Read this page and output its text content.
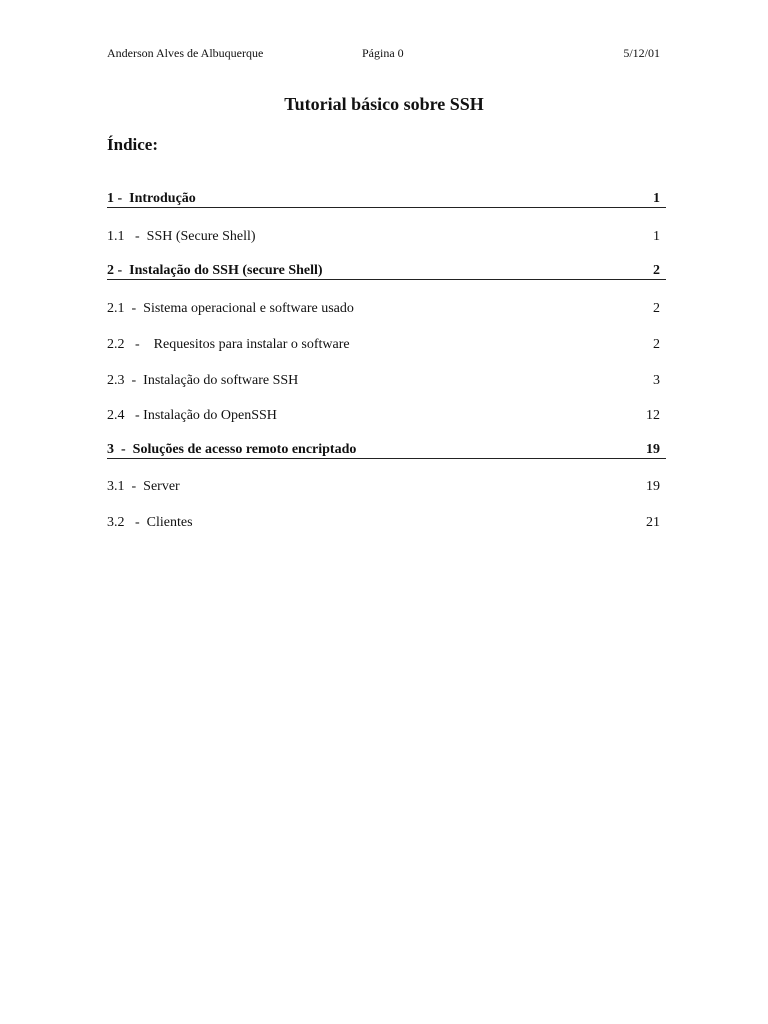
Anderson Alves de Albuquerque	Página 0	5/12/01
Tutorial básico sobre SSH
Índice:
1 -  Introdução	1
1.1   -  SSH (Secure Shell)	1
2 -  Instalação do SSH (secure Shell)	2
2.1  -  Sistema operacional e software usado	2
2.2   -    Requesitos para instalar o software	2
2.3  -  Instalação do software SSH	3
2.4   - Instalação do OpenSSH	12
3  -  Soluções de acesso remoto encriptado	19
3.1  -  Server	19
3.2   -  Clientes	21
